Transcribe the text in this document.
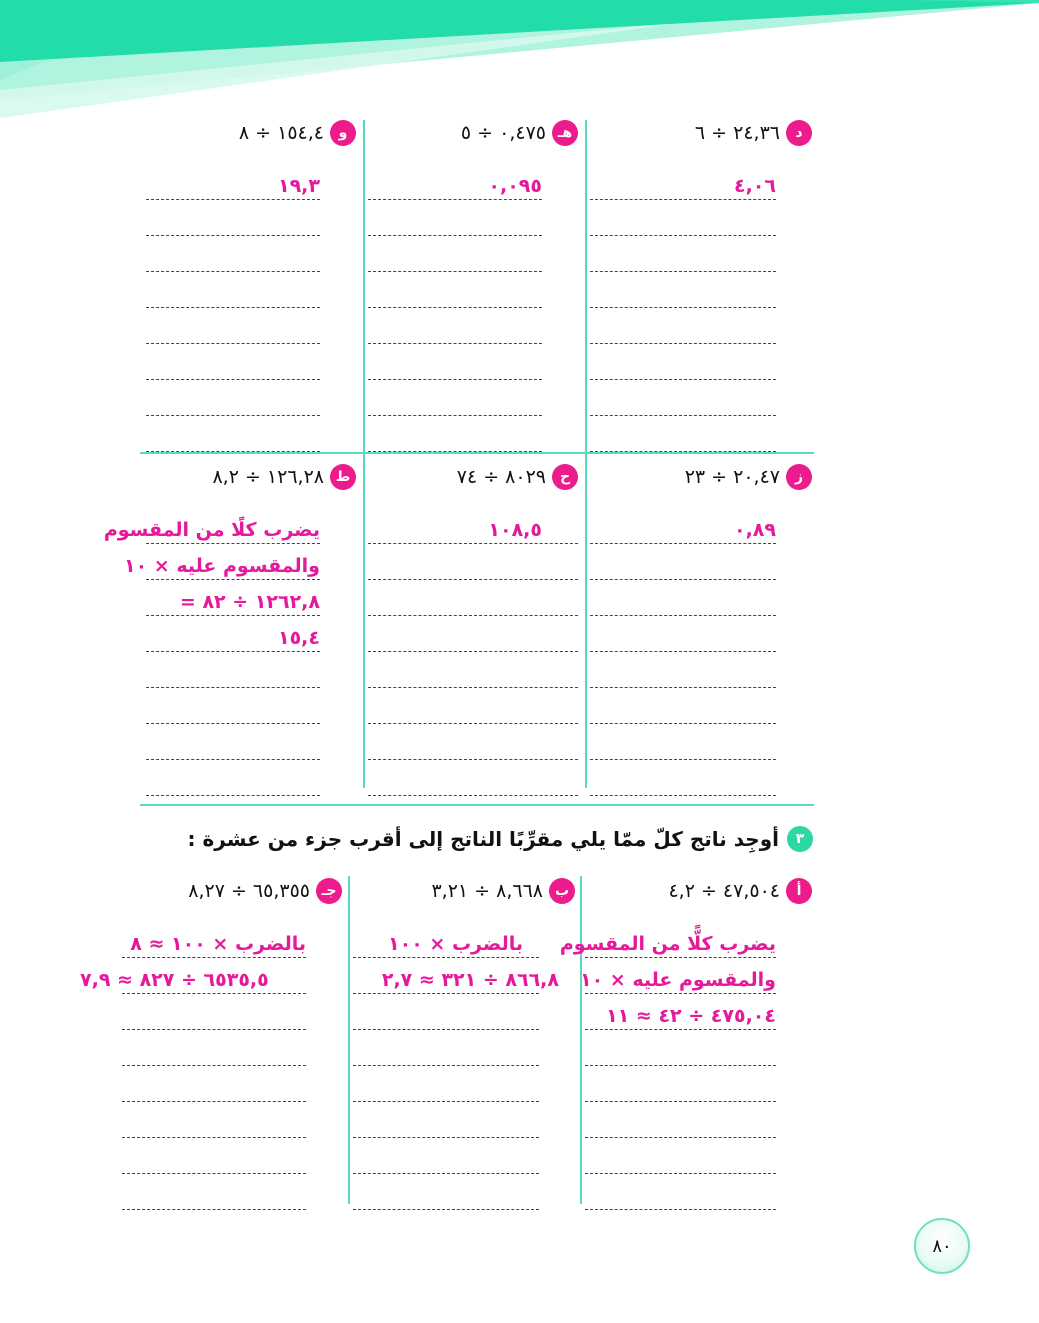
د
٢٤,٣٦ ÷ ٦
٤,٠٦
هـ
٠,٤٧٥ ÷ ٥
٠,٠٩٥
و
١٥٤,٤ ÷ ٨
١٩,٣
ز
٢٠,٤٧ ÷ ٢٣
٠,٨٩
ح
٨٠٢٩ ÷ ٧٤
١٠٨,٥
ط
١٢٦,٢٨ ÷ ٨,٢
يضرب كلًا من المقسوم
والمقسوم عليه × ١٠
١٢٦٢,٨ ÷ ٨٢ =
١٥,٤
٣
أوجِد ناتج كلّ ممّا يلي مقرِّبًا الناتج إلى أقرب جزء من عشرة :
أ
٤٧,٥٠٤ ÷ ٤,٢
يضرب كلًّا من المقسوم
والمقسوم عليه × ١٠
٤٧٥,٠٤ ÷ ٤٢ ≈ ١١
ب
٨,٦٦٨ ÷ ٣,٢١
بالضرب × ١٠٠
٨٦٦,٨ ÷ ٣٢١ ≈ ٢,٧
جـ
٦٥,٣٥٥ ÷ ٨,٢٧
بالضرب × ١٠٠ ≈ ٨
٦٥٣٥,٥ ÷ ٨٢٧ ≈ ٧,٩
٨٠
